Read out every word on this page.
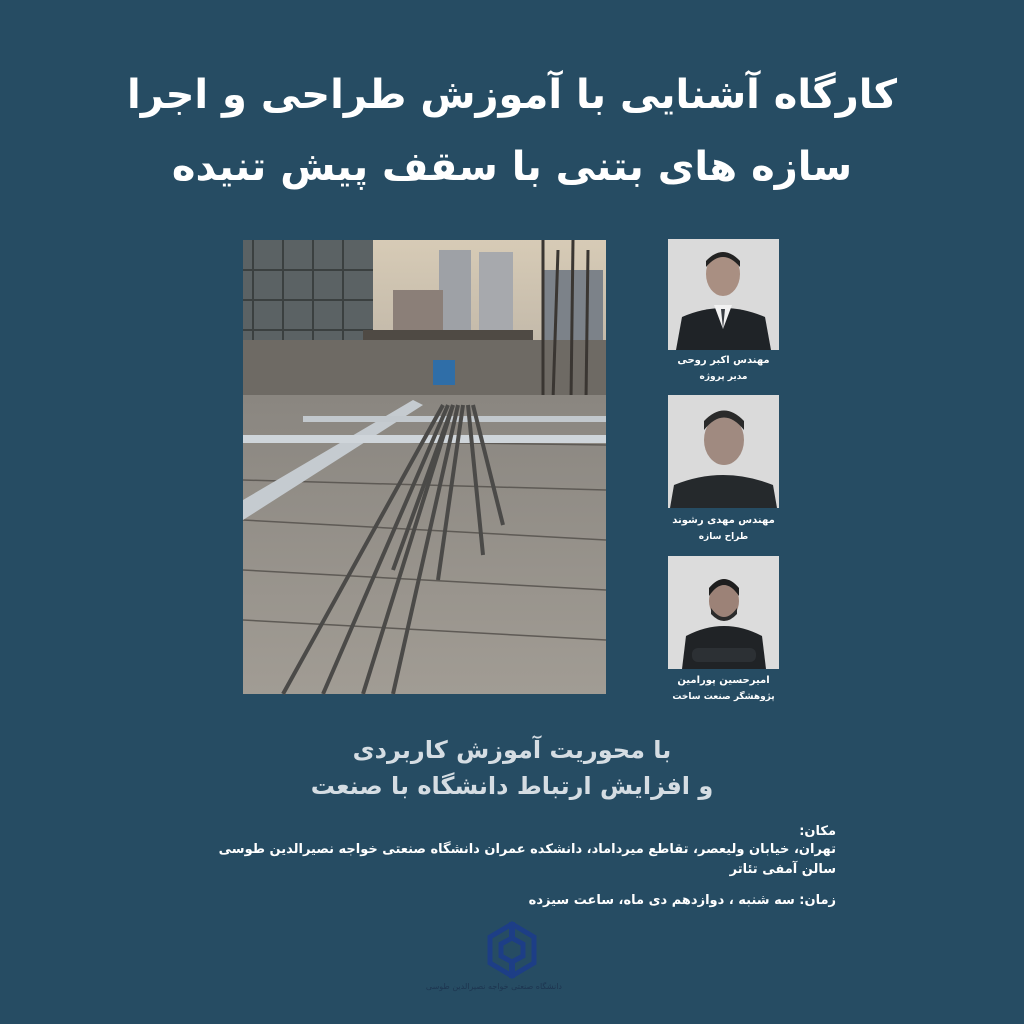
کارگاه آشنایی با آموزش طراحی و اجرا
سازه های بتنی با سقف پیش تنیده
مهندس اکبر روحی
مدیر پروژه
مهندس مهدی رشوند
طراح سازه
امیرحسین پورامین
پژوهشگر صنعت ساخت
با محوریت آموزش کاربردی
و افزایش ارتباط دانشگاه با صنعت
مکان:
تهران، خیابان ولیعصر، تقاطع میرداماد، دانشکده عمران دانشگاه صنعتی خواجه نصیرالدین طوسی
سالن آمفی تئاتر
زمان: سه شنبه ، دوازدهم دی ماه، ساعت سیزده
دانشگاه صنعتی خواجه نصیرالدین طوسی
